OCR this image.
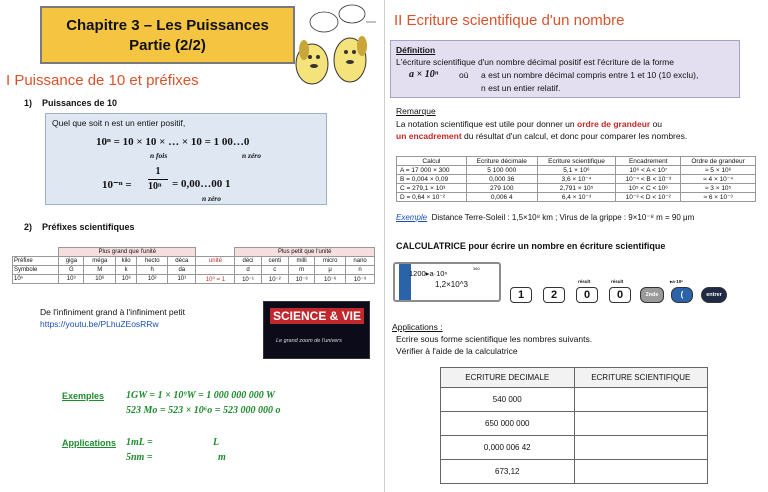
Chapitre 3 – Les Puissances
Partie (2/2)
I Puissance de 10 et préfixes
1)    Puissances de 10
Quel que soit n est un entier positif,
10ⁿ = 10 × 10 × … × 10 = 1 00…0
n fois	n zéro
10⁻ⁿ =
1
10ⁿ = 0,00…00 1
n zéro
2)    Préfixes scientifiques
	Plus grand que l'unité						Plus petit que l'unité				
Préfixe	giga	méga	kilo	hecto	déca	unité	déci	centi	milli	micro	nano
Symbole	G	M	k	h	da		d	c	m	μ	n
10ⁿ	10⁹	10⁶	10³	10²	10¹	10⁰ = 1	10⁻¹	10⁻²	10⁻³	10⁻⁶	10⁻⁹
De l'infiniment grand à l'infiniment petit
https://youtu.be/PLhuZEosRRw
SCIENCE & VIE
Le grand zoom de l'univers
Exemples 1GW = 1 × 10⁹W = 1 000 000 000 W
523 Mo = 523 × 10⁶o = 523 000 000 o
Applications 1mL =	L
5nm =	m
II Ecriture scientifique d'un nombre
Définition
L'écriture scientifique d'un nombre décimal positif est l'écriture de la forme
a × 10ⁿ où a est un nombre décimal compris entre 1 et 10 (10 exclu),
n est un entier relatif.
Remarque
La notation scientifique est utile pour donner un ordre de grandeur ou
un encadrement du résultat d'un calcul, et donc pour comparer les nombres.
Calcul	Ecriture décimale	Ecriture scientifique	Encadrement	Ordre de grandeur
A = 17 000 × 300	5 100 000	5,1 × 10⁶	10⁶ < A < 10⁷	≈ 5 × 10⁶
B = 0,004 × 0,09	0,000 36	3,6 × 10⁻⁴	10⁻⁴ < B < 10⁻³	≈ 4 × 10⁻⁴
C = 279,1 × 10³	279 100	2,791 × 10⁵	10⁵ < C < 10⁶	≈ 3 × 10⁵
D = 0,64 × 10⁻²	0,006 4	6,4 × 10⁻³	10⁻³ < D < 10⁻²	≈ 6 × 10⁻³
Exemple Distance Terre-Soleil : 1,5×10⁸ km ; Virus de la grippe : 9×10⁻⁸ m = 90 μm
CALCULATRICE pour écrire un nombre en écriture scientifique
1200▸a·10ⁿ
360
1,2×10^3
1	2
résult
0
résult
0	2nde
▸a·10ⁿ
(	entrer
Applications :
Ecrire sous forme scientifique les nombres suivants.
Vérifier à l'aide de la calculatrice
ECRITURE DECIMALE	ECRITURE SCIENTIFIQUE
540 000	
650 000 000	
0,000 006 42	
673,12	
